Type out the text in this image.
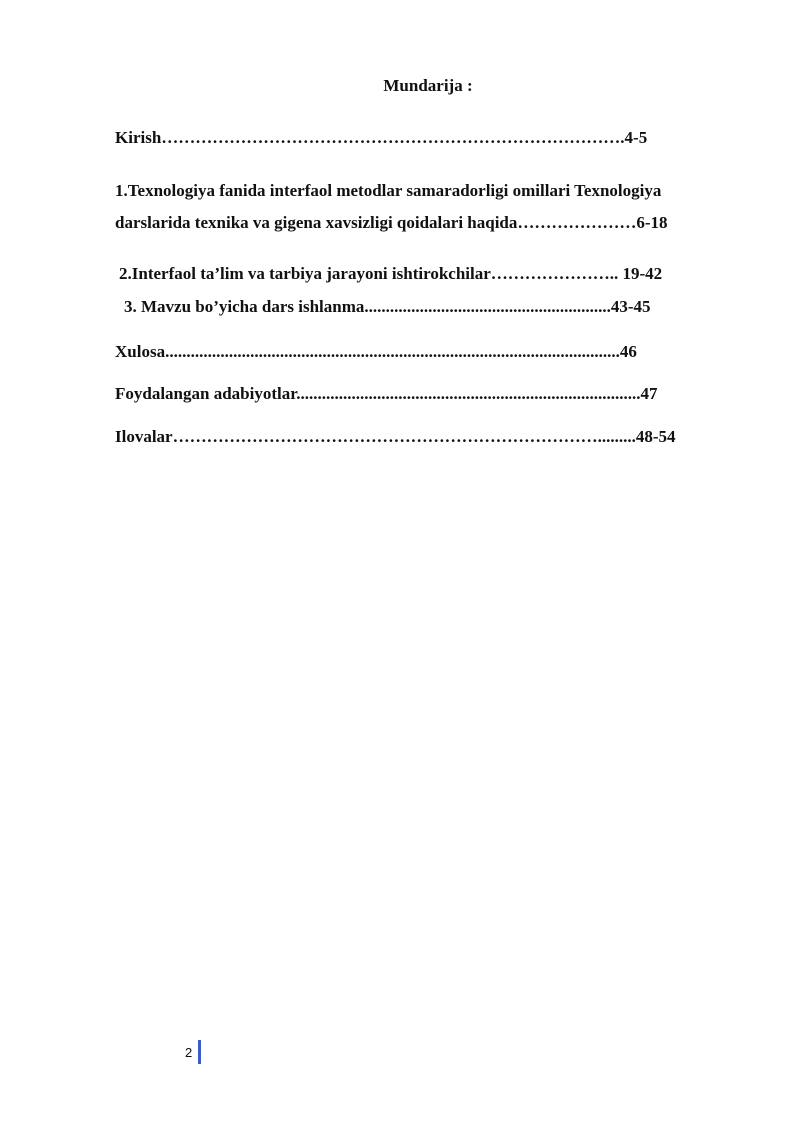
Mundarija :
Kirish……………………………………………………………………….4-5
1.Texnologiya fanida interfaol metodlar samaradorligi omillari Texnologiya
darslarida texnika va gigena xavsizligi qoidalari haqida…………………6-18
2.Interfaol ta’lim va tarbiya jarayoni ishtirokchilar………………….. 19-42
3. Mavzu bo’yicha dars ishlanma..........................................................43-45
Xulosa...........................................................................................................46
Foydalangan adabiyotlar.................................................................................47
Ilovalar………………………………………………………………….........48-54
2
